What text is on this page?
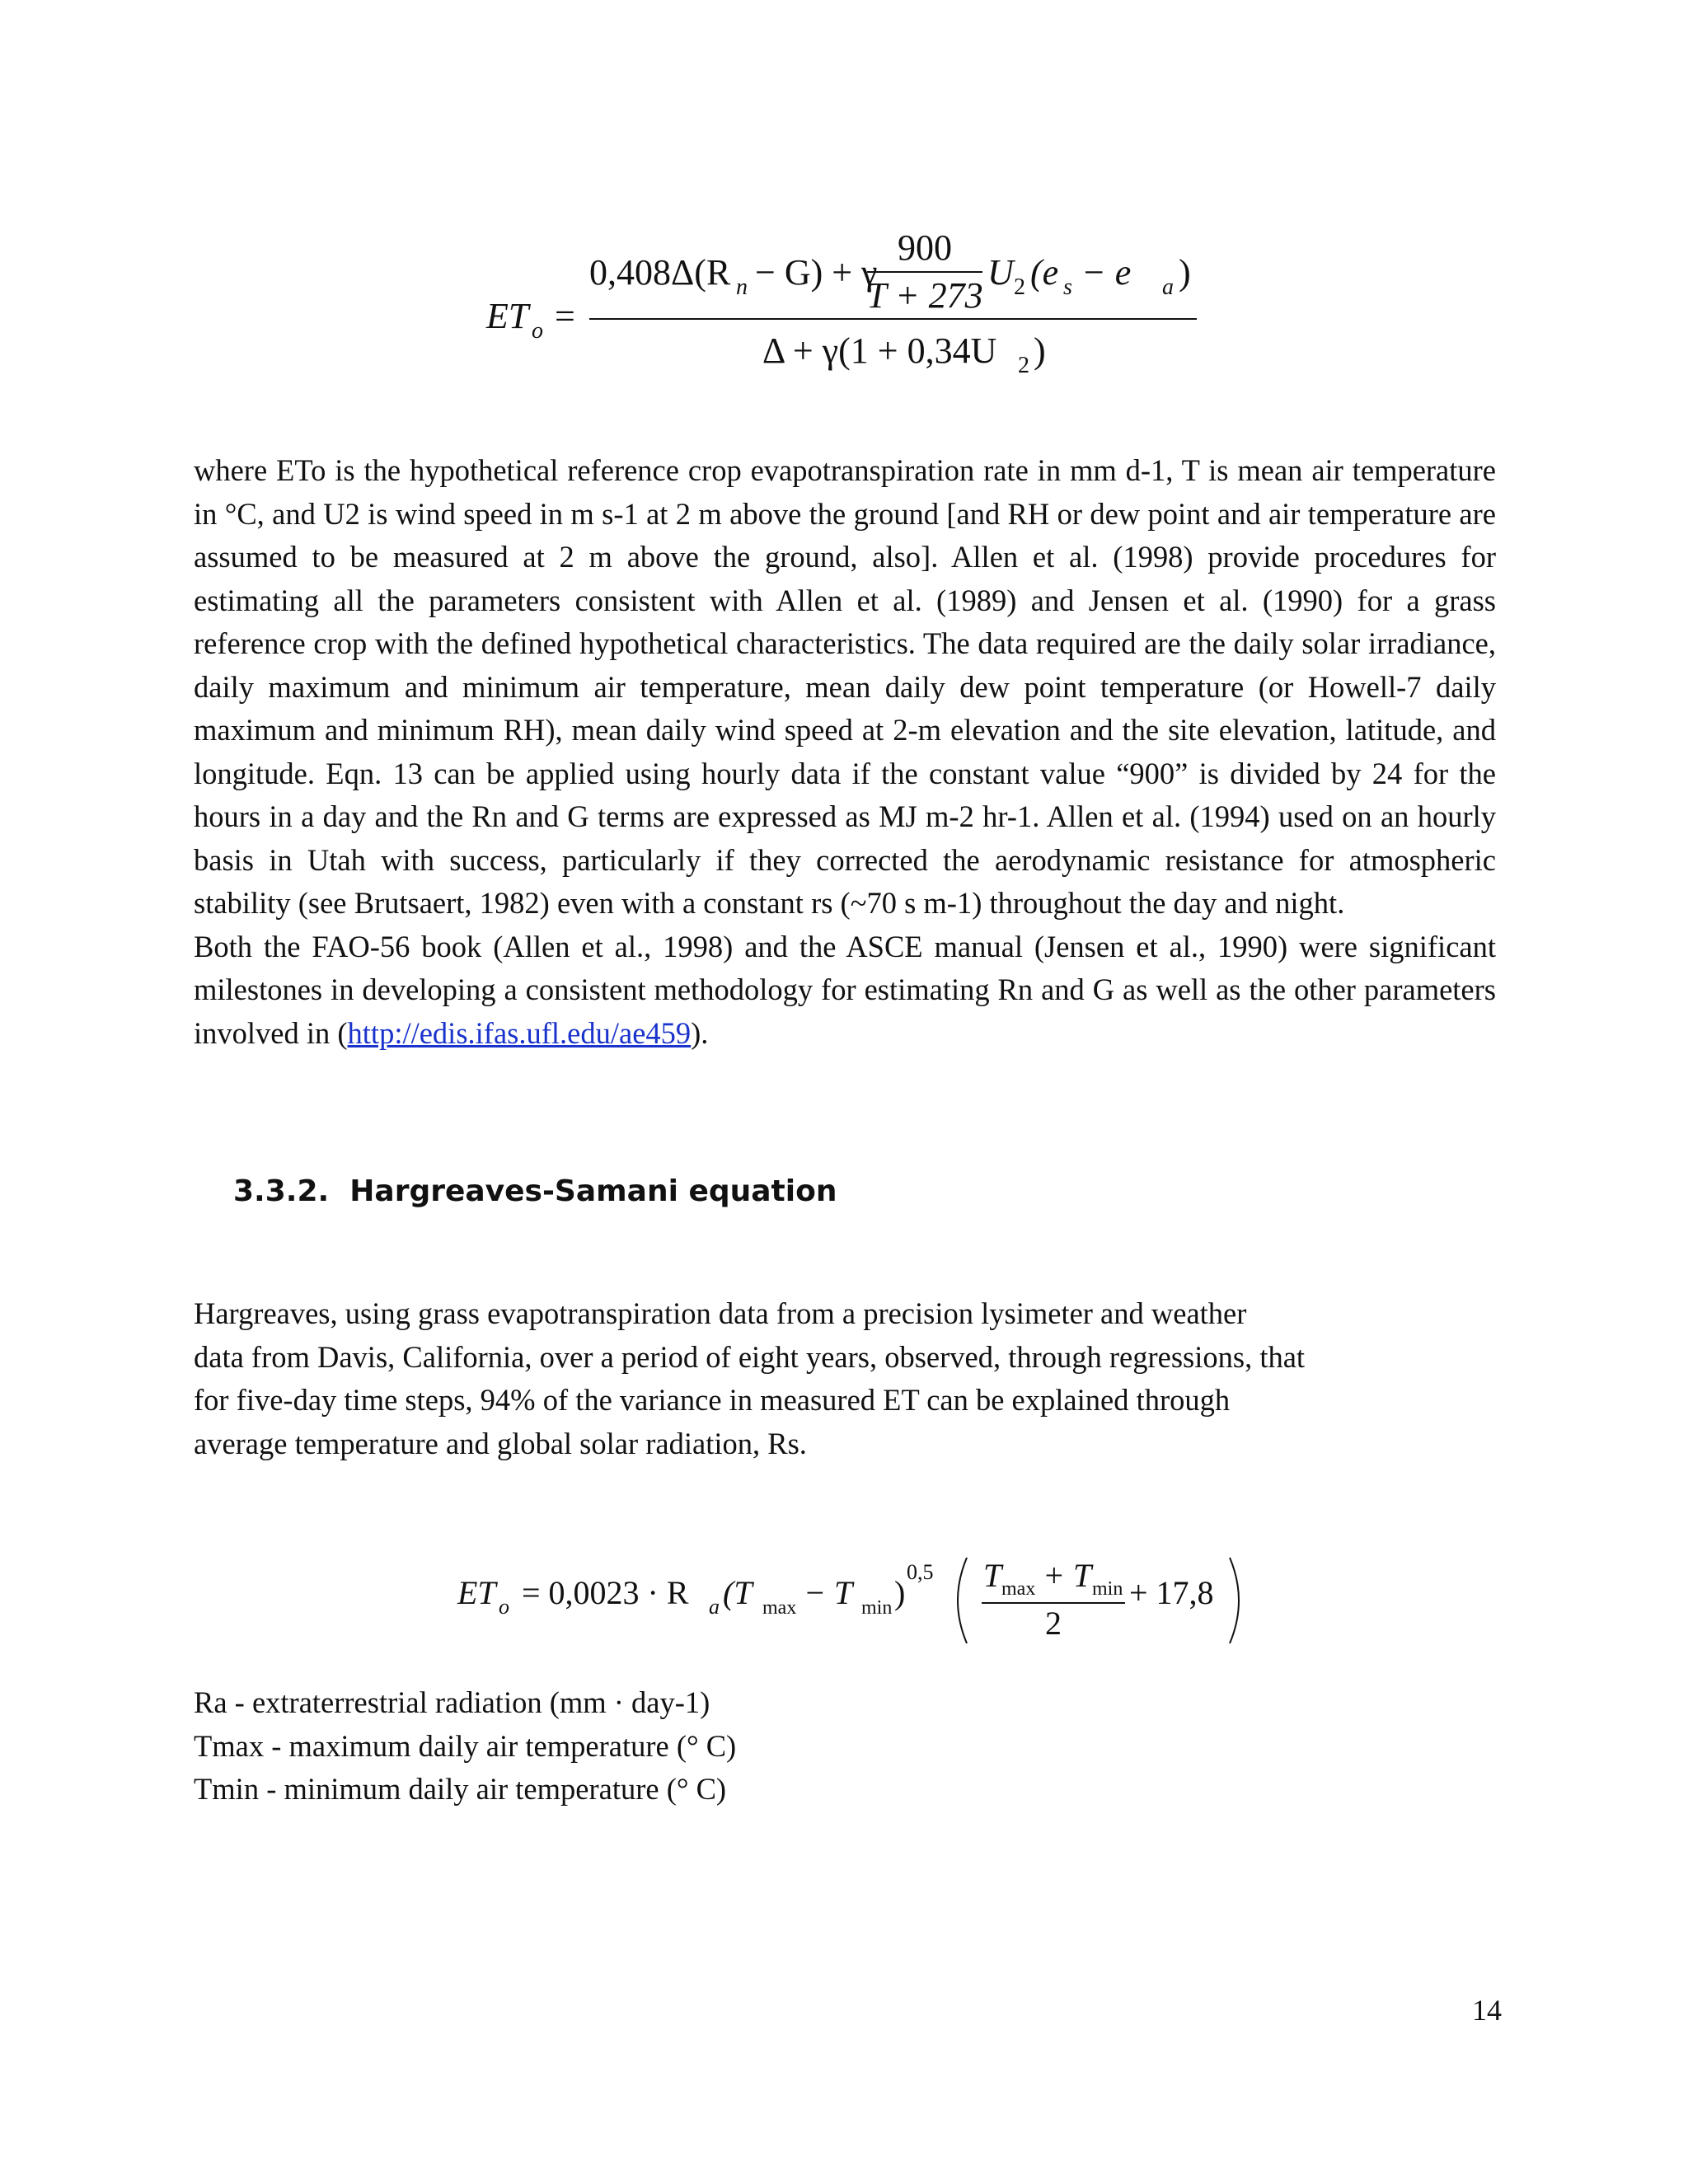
ET o =
0,408Δ(R n − G) + γ
900
T + 273
U 2 (e s − e a )
Δ + γ(1 + 0,34U 2 )

where ETo is the hypothetical reference crop evapotranspiration rate in mm d-1, T is mean air temperature in °C, and U2 is wind speed in m s-1 at 2 m above the ground [and RH or dew point and air temperature are assumed to be measured at 2 m above the ground, also]. Allen et al. (1998) provide procedures for estimating all the parameters consistent with Allen et al. (1989) and Jensen et al. (1990) for a grass reference crop with the defined hypothetical characteristics. The data required are the daily solar irradiance, daily maximum and minimum air temperature, mean daily dew point temperature (or Howell-7 daily maximum and minimum RH), mean daily wind speed at 2-m elevation and the site elevation, latitude, and longitude. Eqn. 13 can be applied using hourly data if the constant value “900” is divided by 24 for the hours in a day and the Rn and G terms are expressed as MJ m-2 hr-1. Allen et al. (1994) used on an hourly basis in Utah with success, particularly if they corrected the aerodynamic resistance for atmospheric stability (see Brutsaert, 1982) even with a constant rs (~70 s m-1) throughout the day and night.

Both the FAO-56 book (Allen et al., 1998) and the ASCE manual (Jensen et al., 1990) were significant milestones in developing a consistent methodology for estimating Rn and G as well as the other parameters involved in (http://edis.ifas.ufl.edu/ae459).

3.3.2. Hargreaves-Samani equation
Hargreaves, using grass evapotranspiration data from a precision lysimeter and weather
data from Davis, California, over a period of eight years, observed, through regressions, that
for five-day time steps, 94% of the variance in measured ET can be explained through
average temperature and global solar radiation, Rs.
ET o = 0,0023 · R a (T max − T min )
0,5 T max + T min
2
+ 17,8
Ra - extraterrestrial radiation (mm · day-1)
Tmax - maximum daily air temperature (° C)
Tmin - minimum daily air temperature (° C)
14
